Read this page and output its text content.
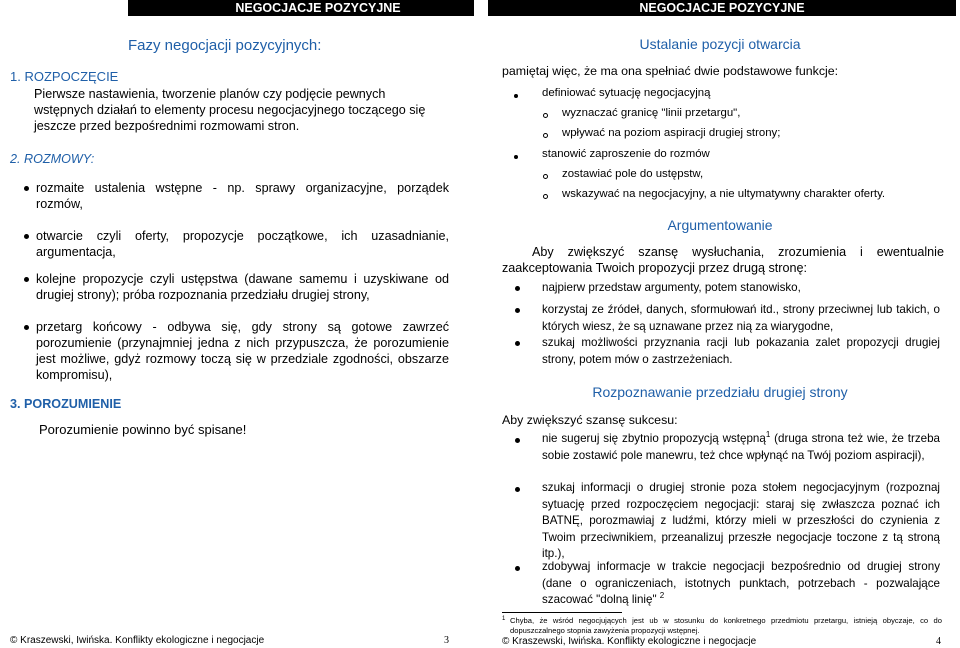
NEGOCJACJE POZYCYJNE
Fazy negocjacji pozycyjnych:
1. ROZPOCZĘCIE
Pierwsze nastawienia, tworzenie planów czy podjęcie pewnych wstępnych działań to elementy procesu negocjacyjnego toczącego się jeszcze przed bezpośrednimi rozmowami stron.
2. ROZMOWY:
rozmaite ustalenia wstępne - np. sprawy organizacyjne, porządek rozmów,
otwarcie czyli oferty, propozycje początkowe, ich uzasadnianie, argumentacja,
kolejne propozycje czyli ustępstwa (dawane samemu i uzyskiwane od drugiej strony); próba rozpoznania przedziału drugiej strony,
przetarg końcowy - odbywa się, gdy strony są gotowe zawrzeć porozumienie (przynajmniej jedna z nich przypuszcza, że porozumienie jest możliwe, gdyż rozmowy toczą się w przedziale zgodności, obszarze kompromisu),
3. POROZUMIENIE
Porozumienie powinno być spisane!
© Kraszewski, Iwińska. Konflikty ekologiczne i negocjacje	3
NEGOCJACJE POZYCYJNE
Ustalanie pozycji otwarcia
pamiętaj więc, że ma ona spełniać dwie podstawowe funkcje:
definiować sytuację negocjacyjną
wyznaczać granicę "linii przetargu",
wpływać na poziom aspiracji drugiej strony;
stanowić zaproszenie do rozmów
zostawiać pole do ustępstw,
wskazywać na negocjacyjny, a nie ultymatywny charakter oferty.
Argumentowanie
Aby zwiększyć szansę wysłuchania, zrozumienia i ewentualnie zaakceptowania Twoich propozycji przez drugą stronę:
najpierw przedstaw argumenty, potem stanowisko,
korzystaj ze źródeł, danych, sformułowań itd., strony przeciwnej lub takich, o których wiesz, że są uznawane przez nią za wiarygodne,
szukaj możliwości przyznania racji lub pokazania zalet propozycji drugiej strony, potem mów o zastrzeżeniach.
Rozpoznawanie przedziału drugiej strony
Aby zwiększyć szansę sukcesu:
nie sugeruj się zbytnio propozycją wstępną$^1$ (druga strona też wie, że trzeba sobie zostawić pole manewru, też chce wpłynąć na Twój poziom aspiracji),
szukaj informacji o drugiej stronie poza stołem negocjacyjnym (rozpoznaj sytuację przed rozpoczęciem negocjacji: staraj się zwłaszcza poznać ich BATNĘ, porozmawiaj z ludźmi, którzy mieli w przeszłości do czynienia z Twoim przeciwnikiem, przeanalizuj przeszłe negocjacje toczone z tą stroną itp.),
zdobywaj informacje w trakcie negocjacji bezpośrednio od drugiej strony (dane o ograniczeniach, istotnych punktach, potrzebach - pozwalające szacować "dolną linię" $^2$
1 Chyba, że wśród negocjujących jest ub w stosunku do konkretnego przedmiotu przetargu, istnieją obyczaje, co do dopuszczalnego stopnia zawyżenia propozycji wstępnej.
© Kraszewski, Iwińska. Konflikty ekologiczne i negocjacje	4
